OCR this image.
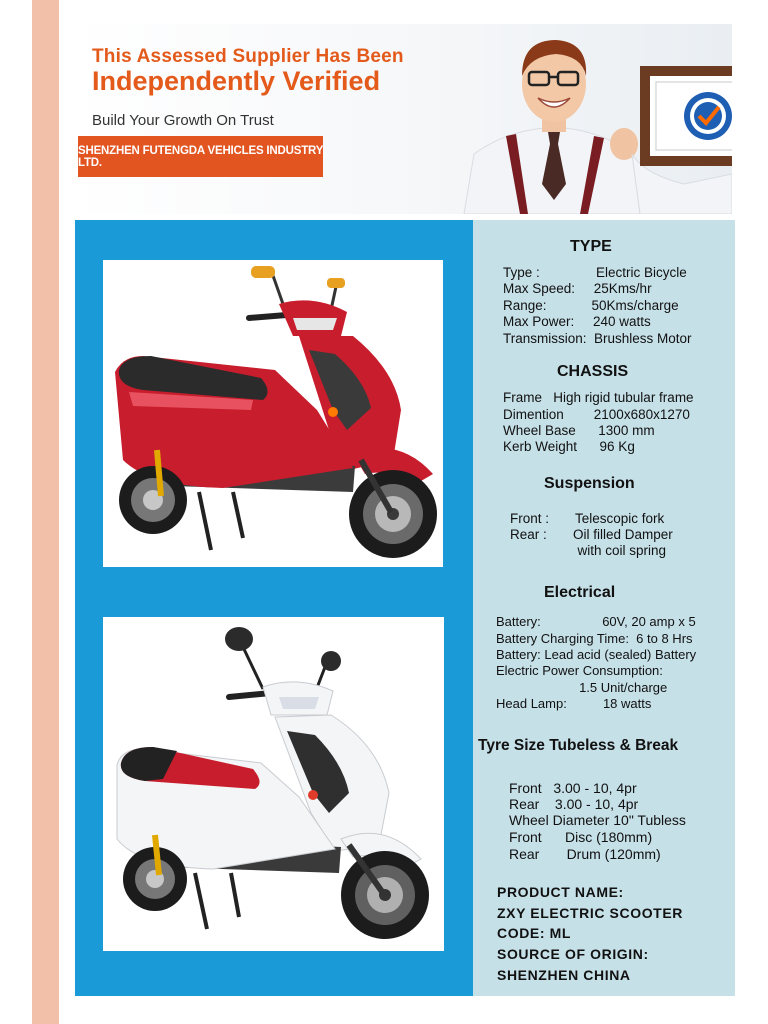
This Assessed Supplier Has Been
Independently Verified
Build Your Growth On Trust
SHENZHEN FUTENGDA VEHICLES INDUSTRY LTD.
TYPE
Type :               Electric Bicycle
Max Speed:     25Kms/hr
Range:            50Kms/charge
Max Power:     240 watts
Transmission:  Brushless Motor
CHASSIS
Frame   High rigid tubular frame
Dimention        2100x680x1270
Wheel Base      1300 mm
Kerb Weight      96 Kg
Suspension
Front :       Telescopic fork
Rear :       Oil filled Damper
with coil spring
Electrical
Battery:                 60V, 20 amp x 5
Battery Charging Time:  6 to 8 Hrs
Battery: Lead acid (sealed) Battery
Electric Power Consumption:
1.5 Unit/charge
Head Lamp:          18 watts
Tyre Size Tubeless & Break
Front   3.00 - 10, 4pr
Rear    3.00 - 10, 4pr
Wheel Diameter 10" Tubless
Front      Disc (180mm)
Rear       Drum (120mm)
PRODUCT NAME:
ZXY ELECTRIC SCOOTER
CODE: ML
SOURCE OF ORIGIN:
SHENZHEN CHINA
